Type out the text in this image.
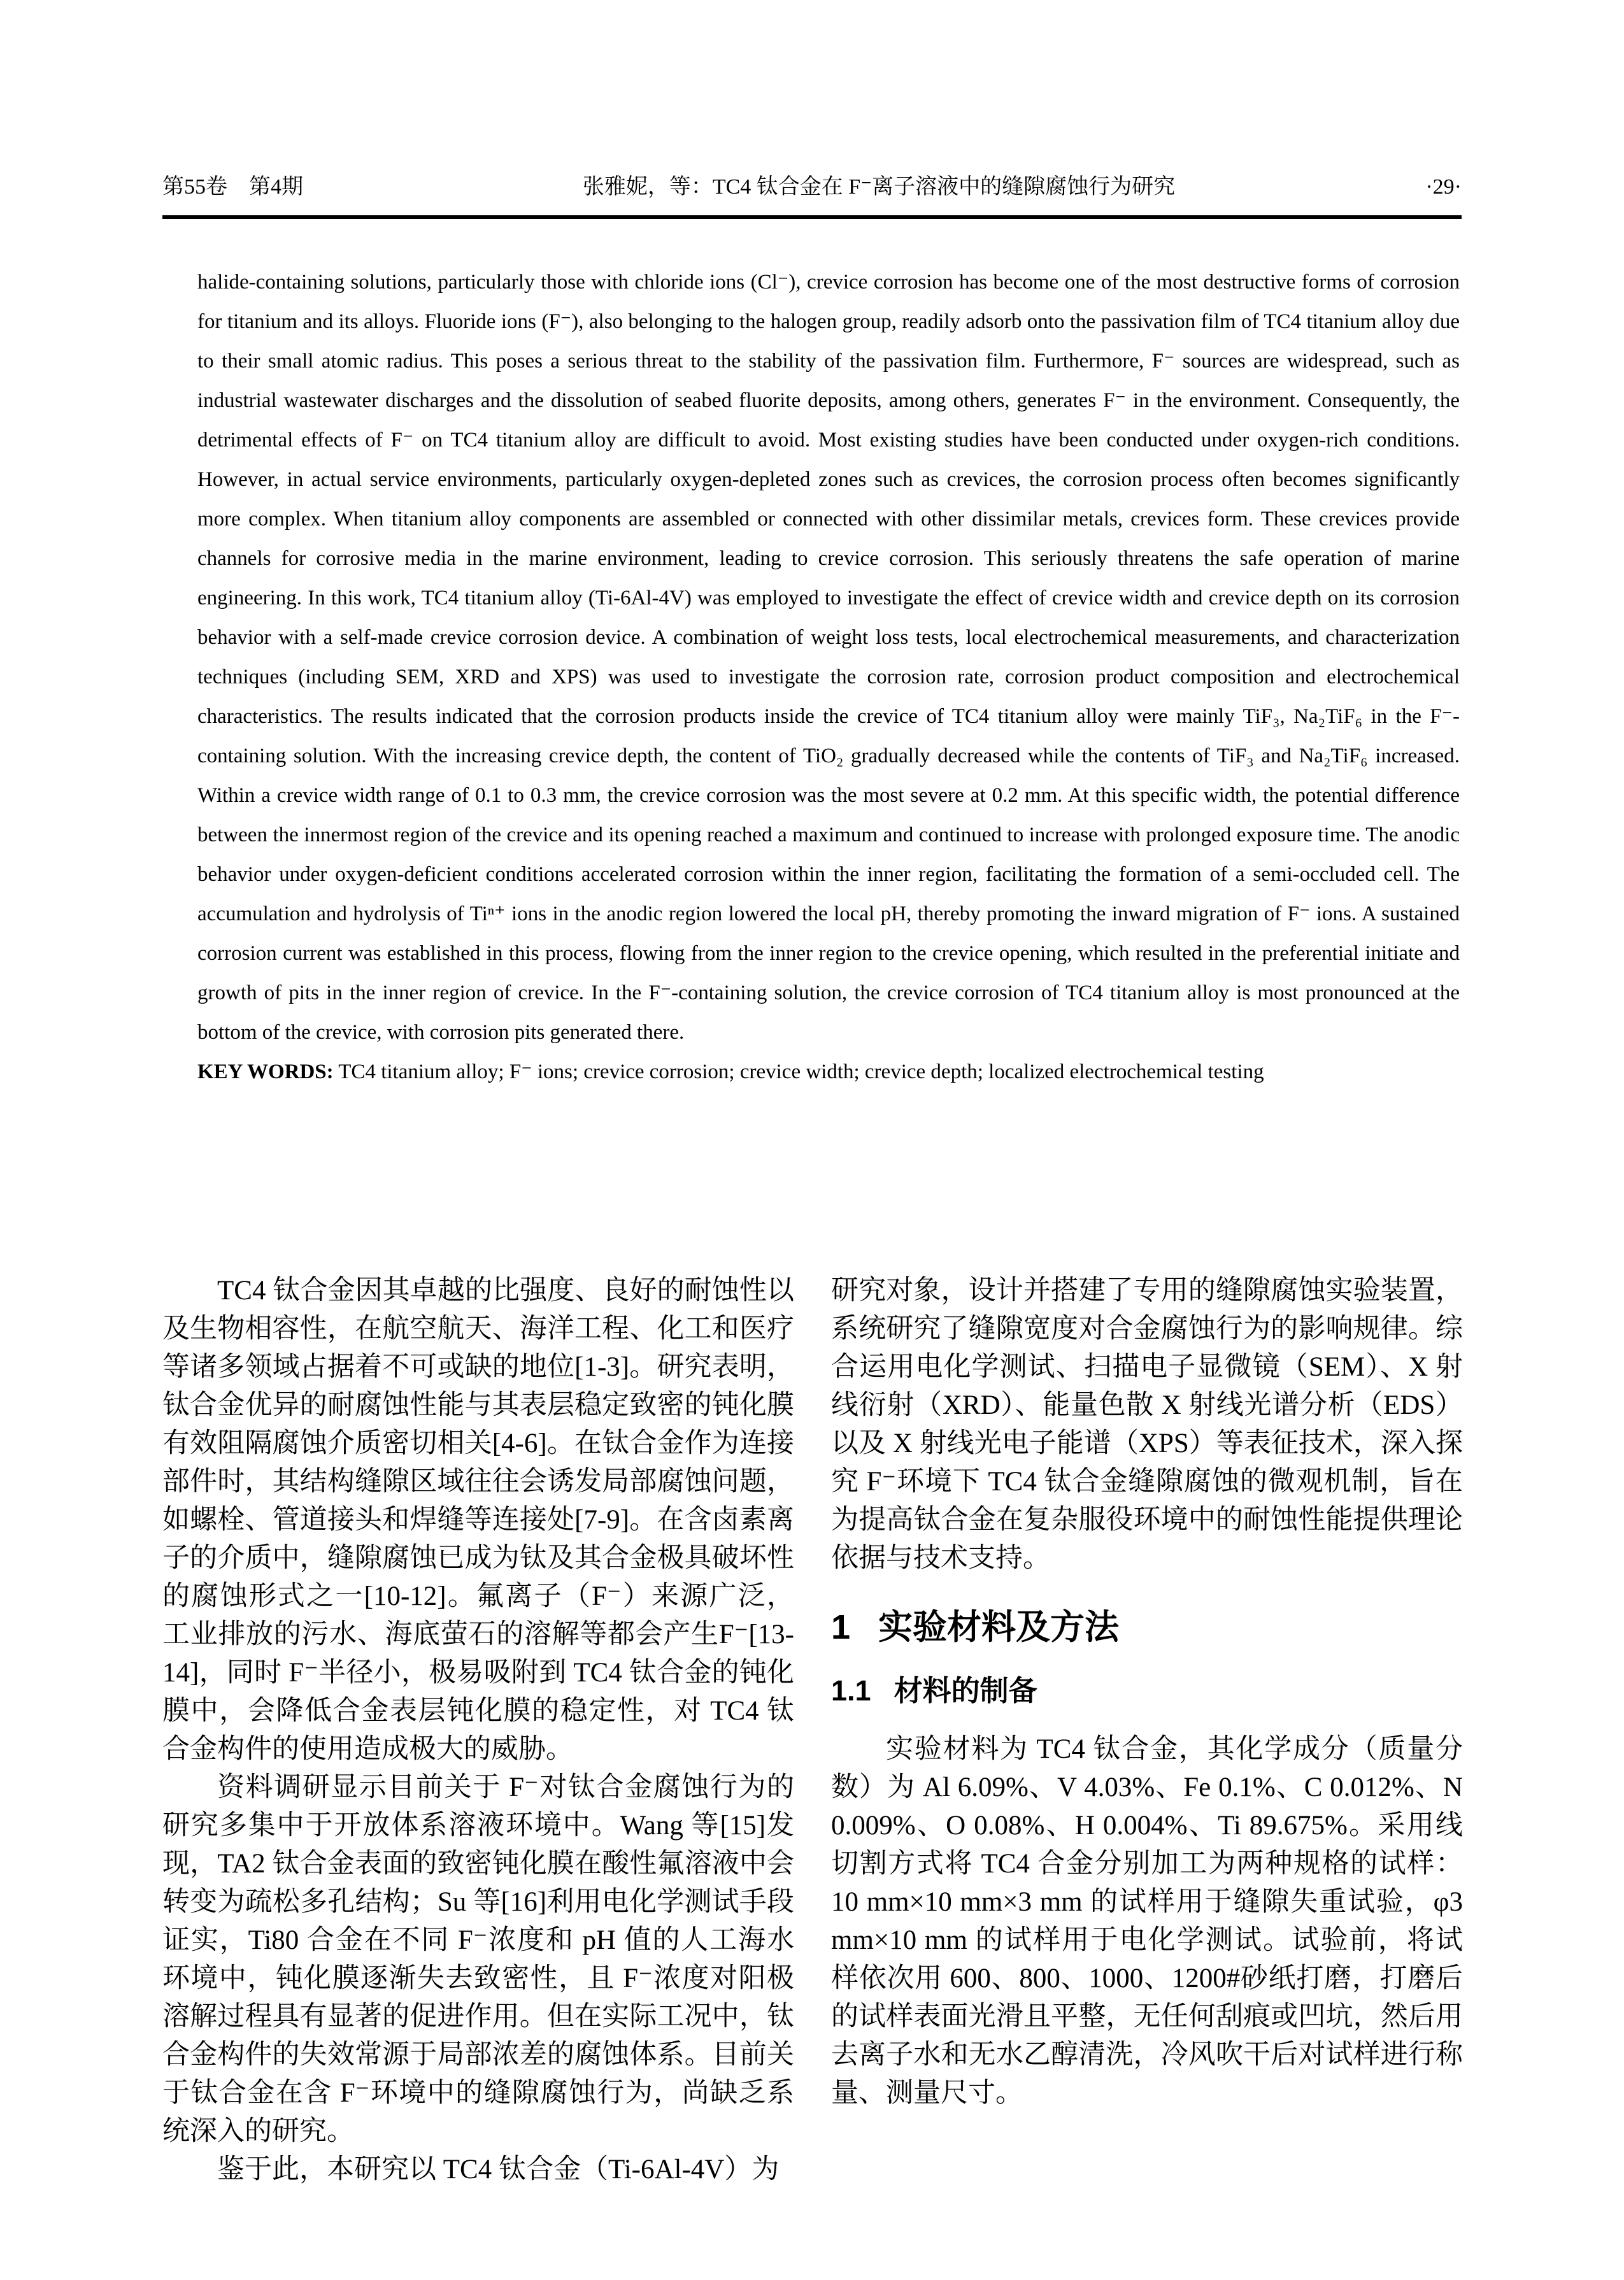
第55卷　第4期	张雅妮，等：TC4 钛合金在 F⁻离子溶液中的缝隙腐蚀行为研究	·29·

halide-containing solutions, particularly those with chloride ions (Cl⁻), crevice corrosion has become one of the most destructive forms of corrosion for titanium and its alloys. Fluoride ions (F⁻), also belonging to the halogen group, readily adsorb onto the passivation film of TC4 titanium alloy due to their small atomic radius. This poses a serious threat to the stability of the passivation film. Furthermore, F⁻ sources are widespread, such as industrial wastewater discharges and the dissolution of seabed fluorite deposits, among others, generates F⁻ in the environment. Consequently, the detrimental effects of F⁻ on TC4 titanium alloy are difficult to avoid. Most existing studies have been conducted under oxygen-rich conditions. However, in actual service environments, particularly oxygen-depleted zones such as crevices, the corrosion process often becomes significantly more complex. When titanium alloy components are assembled or connected with other dissimilar metals, crevices form. These crevices provide channels for corrosive media in the marine environment, leading to crevice corrosion. This seriously threatens the safe operation of marine engineering. In this work, TC4 titanium alloy (Ti-6Al-4V) was employed to investigate the effect of crevice width and crevice depth on its corrosion behavior with a self-made crevice corrosion device. A combination of weight loss tests, local electrochemical measurements, and characterization techniques (including SEM, XRD and XPS) was used to investigate the corrosion rate, corrosion product composition and electrochemical characteristics. The results indicated that the corrosion products inside the crevice of TC4 titanium alloy were mainly TiF₃, Na₂TiF₆ in the F⁻-containing solution. With the increasing crevice depth, the content of TiO₂ gradually decreased while the contents of TiF₃ and Na₂TiF₆ increased. Within a crevice width range of 0.1 to 0.3 mm, the crevice corrosion was the most severe at 0.2 mm. At this specific width, the potential difference between the innermost region of the crevice and its opening reached a maximum and continued to increase with prolonged exposure time. The anodic behavior under oxygen-deficient conditions accelerated corrosion within the inner region, facilitating the formation of a semi-occluded cell. The accumulation and hydrolysis of Tiⁿ⁺ ions in the anodic region lowered the local pH, thereby promoting the inward migration of F⁻ ions. A sustained corrosion current was established in this process, flowing from the inner region to the crevice opening, which resulted in the preferential initiate and growth of pits in the inner region of crevice. In the F⁻-containing solution, the crevice corrosion of TC4 titanium alloy is most pronounced at the bottom of the crevice, with corrosion pits generated there.

KEY WORDS: TC4 titanium alloy; F⁻ ions; crevice corrosion; crevice width; crevice depth; localized electrochemical testing

TC4 钛合金因其卓越的比强度、良好的耐蚀性以及生物相容性，在航空航天、海洋工程、化工和医疗等诸多领域占据着不可或缺的地位[1-3]。研究表明，钛合金优异的耐腐蚀性能与其表层稳定致密的钝化膜有效阻隔腐蚀介质密切相关[4-6]。在钛合金作为连接部件时，其结构缝隙区域往往会诱发局部腐蚀问题，如螺栓、管道接头和焊缝等连接处[7-9]。在含卤素离子的介质中，缝隙腐蚀已成为钛及其合金极具破坏性的腐蚀形式之一[10-12]。氟离子（F⁻）来源广泛，工业排放的污水、海底萤石的溶解等都会产生F⁻[13-14]，同时 F⁻半径小，极易吸附到 TC4 钛合金的钝化膜中，会降低合金表层钝化膜的稳定性，对 TC4 钛合金构件的使用造成极大的威胁。

资料调研显示目前关于 F⁻对钛合金腐蚀行为的研究多集中于开放体系溶液环境中。Wang 等[15]发现，TA2 钛合金表面的致密钝化膜在酸性氟溶液中会转变为疏松多孔结构；Su 等[16]利用电化学测试手段证实，Ti80 合金在不同 F⁻浓度和 pH 值的人工海水环境中，钝化膜逐渐失去致密性，且 F⁻浓度对阳极溶解过程具有显著的促进作用。但在实际工况中，钛合金构件的失效常源于局部浓差的腐蚀体系。目前关于钛合金在含 F⁻环境中的缝隙腐蚀行为，尚缺乏系统深入的研究。

鉴于此，本研究以 TC4 钛合金（Ti-6Al-4V）为

研究对象，设计并搭建了专用的缝隙腐蚀实验装置，系统研究了缝隙宽度对合金腐蚀行为的影响规律。综合运用电化学测试、扫描电子显微镜（SEM）、X 射线衍射（XRD）、能量色散 X 射线光谱分析（EDS）以及 X 射线光电子能谱（XPS）等表征技术，深入探究 F⁻环境下 TC4 钛合金缝隙腐蚀的微观机制，旨在为提高钛合金在复杂服役环境中的耐蚀性能提供理论依据与技术支持。

1 实验材料及方法
1.1 材料的制备

实验材料为 TC4 钛合金，其化学成分（质量分数）为 Al 6.09%、V 4.03%、Fe 0.1%、C 0.012%、N 0.009%、O 0.08%、H 0.004%、Ti 89.675%。采用线切割方式将 TC4 合金分别加工为两种规格的试样：10 mm×10 mm×3 mm 的试样用于缝隙失重试验，φ3 mm×10 mm 的试样用于电化学测试。试验前，将试样依次用 600、800、1000、1200#砂纸打磨，打磨后的试样表面光滑且平整，无任何刮痕或凹坑，然后用去离子水和无水乙醇清洗，冷风吹干后对试样进行称量、测量尺寸。
